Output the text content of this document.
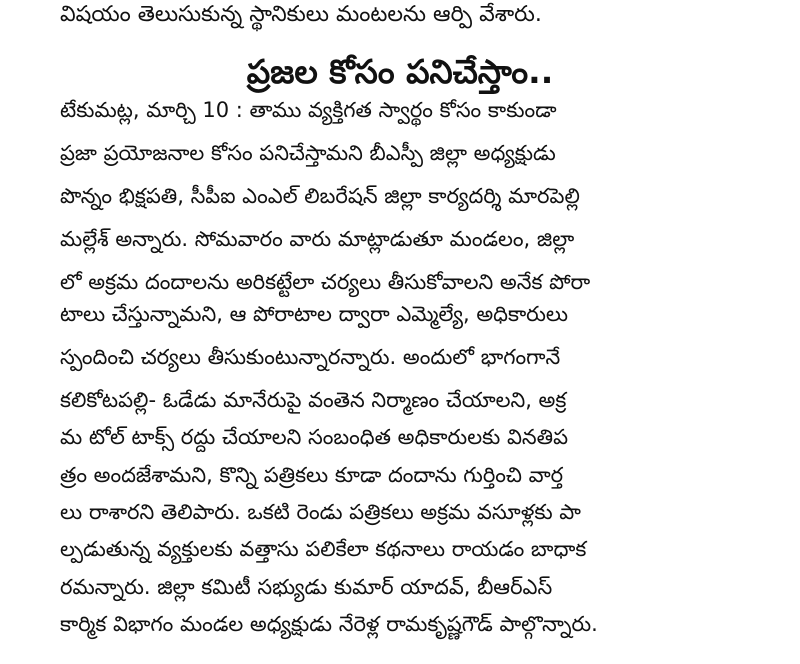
విషయం తెలుసుకున్న స్థానికులు మంటలను ఆర్పి వేశారు.
ప్రజల కోసం పనిచేస్తాం..
టేకుమట్ల, మార్చి 10 : తాము వ్యక్తిగత స్వార్థం కోసం కాకుండా
ప్రజా ప్రయోజనాల కోసం పనిచేస్తామని బీఎస్పీ జిల్లా అధ్యక్షుడు
పొన్నం భిక్షపతి, సీపీఐ ఎంఎల్ లిబరేషన్ జిల్లా కార్యదర్శి మారపెల్లి
మల్లేశ్ అన్నారు. సోమవారం వారు మాట్లాడుతూ మండలం, జిల్లా
లో అక్రమ దందాలను అరికట్టేలా చర్యలు తీసుకోవాలని అనేక పోరా
టాలు చేస్తున్నామని, ఆ పోరాటాల ద్వారా ఎమ్మెల్యే, అధికారులు
స్పందించి చర్యలు తీసుకుంటున్నారన్నారు. అందులో భాగంగానే
కలికోటపల్లి- ఓడేడు మానేరుపై వంతెన నిర్మాణం చేయాలని, అక్ర
మ టోల్ టాక్స్ రద్దు చేయాలని సంబంధిత అధికారులకు వినతిప
త్రం అందజేశామని, కొన్ని పత్రికలు కూడా దందాను గుర్తించి వార్త
లు రాశారని తెలిపారు. ఒకటి రెండు పత్రికలు అక్రమ వసూళ్లకు పా
ల్పడుతున్న వ్యక్తులకు వత్తాసు పలికేలా కథనాలు రాయడం బాధాక
రమన్నారు. జిల్లా కమిటీ సభ్యుడు కుమార్ యాదవ్, బీఆర్ఎస్
కార్మిక విభాగం మండల అధ్యక్షుడు నేరెళ్ల రామకృష్ణగౌడ్ పాల్గొన్నారు.
